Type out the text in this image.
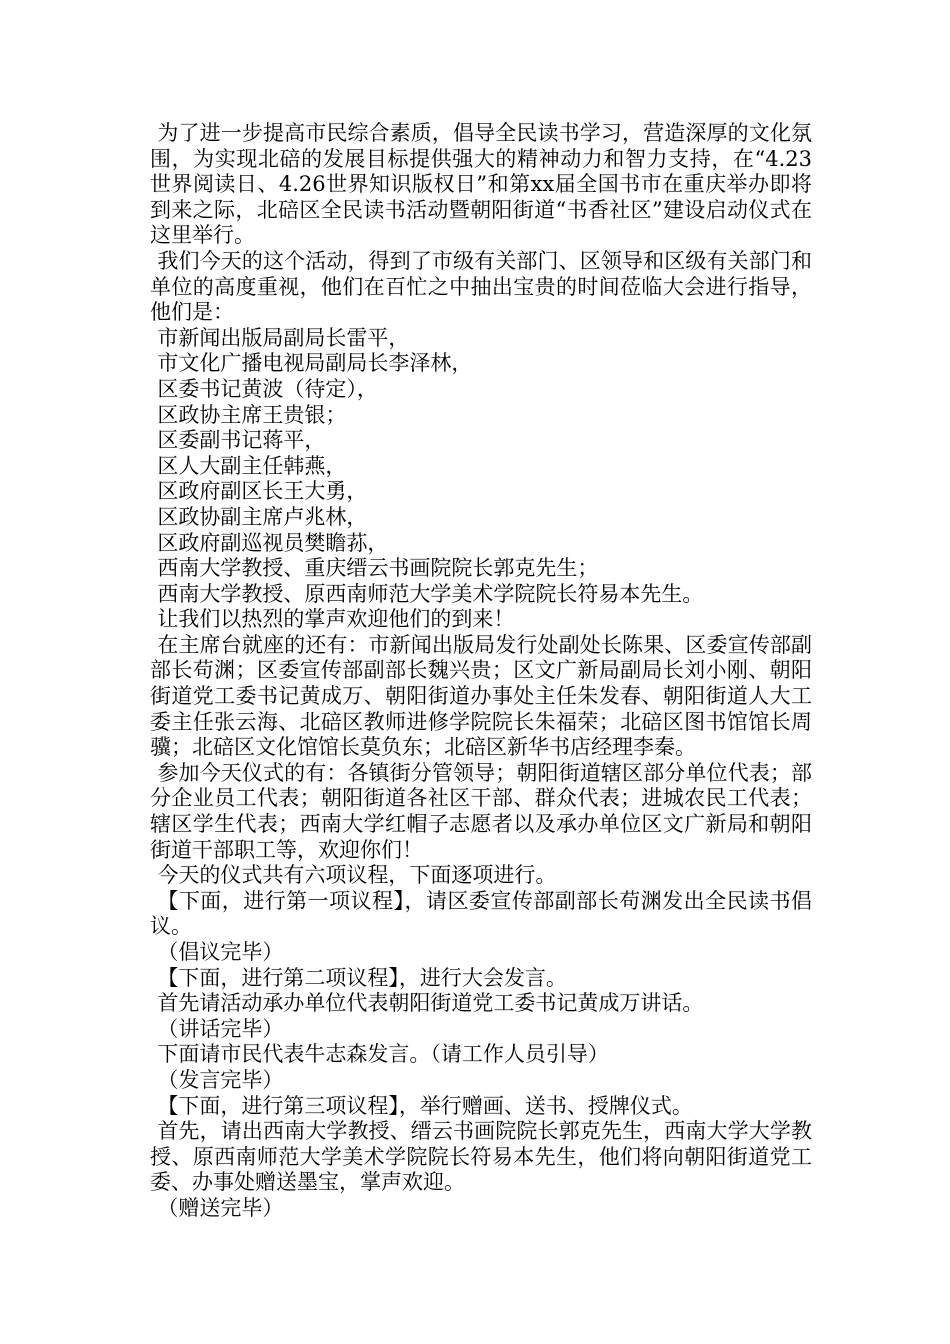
为了进一步提高市民综合素质，倡导全民读书学习，营造深厚的文化氛围，为实现北碚的发展目标提供强大的精神动力和智力支持，在“4.23世界阅读日、4.26世界知识版权日”和第xx届全国书市在重庆举办即将到来之际，北碚区全民读书活动暨朝阳街道“书香社区”建设启动仪式在这里举行。

我们今天的这个活动，得到了市级有关部门、区领导和区级有关部门和单位的高度重视，他们在百忙之中抽出宝贵的时间莅临大会进行指导，他们是：

市新闻出版局副局长雷平，

市文化广播电视局副局长李泽林，

区委书记黄波（待定），

区政协主席王贵银；

区委副书记蒋平，

区人大副主任韩燕，

区政府副区长王大勇，

区政协副主席卢兆林，

区政府副巡视员樊瞻荪，

西南大学教授、重庆缙云书画院院长郭克先生；

西南大学教授、原西南师范大学美术学院院长符易本先生。

让我们以热烈的掌声欢迎他们的到来！

在主席台就座的还有：市新闻出版局发行处副处长陈果、区委宣传部副部长苟渊；区委宣传部副部长魏兴贵；区文广新局副局长刘小刚、朝阳街道党工委书记黄成万、朝阳街道办事处主任朱发春、朝阳街道人大工委主任张云海、北碚区教师进修学院院长朱福荣；北碚区图书馆馆长周骥；北碚区文化馆馆长莫负东；北碚区新华书店经理李秦。

参加今天仪式的有：各镇街分管领导；朝阳街道辖区部分单位代表；部分企业员工代表；朝阳街道各社区干部、群众代表；进城农民工代表；辖区学生代表；西南大学红帽子志愿者以及承办单位区文广新局和朝阳街道干部职工等，欢迎你们！

今天的仪式共有六项议程，下面逐项进行。

【下面，进行第一项议程】，请区委宣传部副部长苟渊发出全民读书倡议。

（倡议完毕）

【下面，进行第二项议程】，进行大会发言。

首先请活动承办单位代表朝阳街道党工委书记黄成万讲话。

（讲话完毕）

下面请市民代表牛志森发言。（请工作人员引导）

（发言完毕）

【下面，进行第三项议程】，举行赠画、送书、授牌仪式。

首先，请出西南大学教授、缙云书画院院长郭克先生，西南大学大学教授、原西南师范大学美术学院院长符易本先生，他们将向朝阳街道党工委、办事处赠送墨宝，掌声欢迎。

（赠送完毕）
